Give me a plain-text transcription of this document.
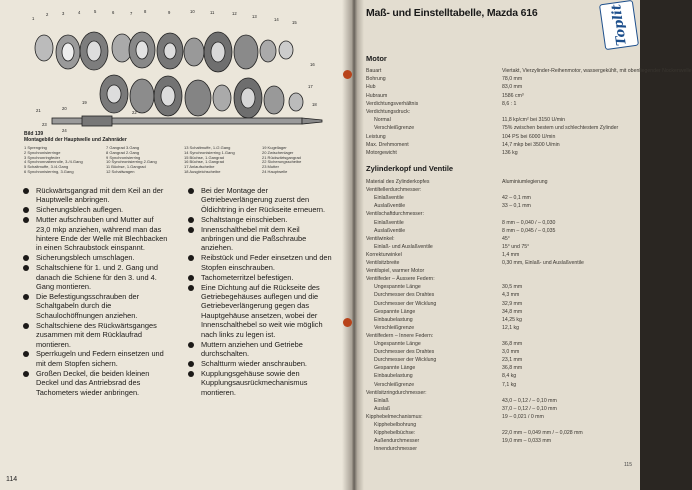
1
2	3	4	5	6	7	8	9	10	11	12
13
14
15
16
17
18
19
20
21	22
23
24
Bild 139
Montagebild der Hauptwelle und Zahnräder
1 Sprengring
2 Synchronisierringe
3 Synchronringfeder
4 Synchronnabenrolle, 3./4.Gang
5 Schaltmuffe, 3./4.Gang
6 Synchronisierring, 3.Gang
7 Gangrad 3.Gang
8 Gangrad 2.Gang
9 Synchronisierring
10 Synchronisierring 2.Gang
11 Büchse, 1.Gangrad
12 Schaltwagen
13 Schaltmuffe, 1./2.Gang
14 Synchronisierring 1.Gang
15 Büchse, 1.Gangrad
16 Büchse, 1.Gangrad
17 Anlaufscheibe
18 Ausgleichscheibe
19 Kugellager
20 Zwischenlager
21 Rückwärtsgangrad
22 Sicherungsscheibe
23 Mutter
24 Hauptwelle
Rückwärtsgangrad mit dem Keil an der Hauptwelle anbringen.
Sicherungsblech auflegen.
Mutter aufschrauben und Mutter auf 23,0 mkp anziehen, während man das hintere Ende der Welle mit Blechbacken in einen Schraubstock einspannt.
Sicherungsblech umschlagen.
Schaltschiene für 1. und 2. Gang und danach die Schiene für den 3. und 4. Gang montieren.
Die Befestigungsschrauben der Schaltgabeln durch die Schaulochöffnungen anziehen.
Schaltschiene des Rückwärtsganges zusammen mit dem Rücklaufrad montieren.
Sperrkugeln und Federn einsetzen und mit dem Stopfen sichern.
Großen Deckel, die beiden kleinen Deckel und das Antriebsrad des Tachometers wieder anbringen.
Bei der Montage der Getriebeverlängerung zuerst den Öldichtring in der Rückseite erneuern.
Schaltstange einschieben.
Innenschalthebel mit dem Keil anbringen und die Paßschraube anziehen.
Reibstück und Feder einsetzen und den Stopfen einschrauben.
Tachometerritzel befestigen.
Eine Dichtung auf die Rückseite des Getriebegehäuses auflegen und die Getriebeverlängerung gegen das Hauptgehäuse ansetzen, wobei der Innenschalthebel so weit wie möglich nach links zu legen ist.
Muttern anziehen und Getriebe durchschalten.
Schaltturm wieder anschrauben.
Kupplungsgehäuse sowie den Kupplungsausrückmechanismus montieren.
114
Maß- und Einstelltabelle, Mazda 616	Toplit
Motor
Bauart	Viertakt, Vierzylinder-Reihenmotor, wassergekühlt, mit obenliegender Nockenwelle
Bohrung	78,0 mm
Hub	83,0 mm
Hubraum	1586 cm³
Verdichtungsverhältnis	8,6 : 1
Verdichtungsdruck:
Normal	11,8 kp/cm² bei 3150 U/min
Verschleißgrenze	75% zwischen bestem und schlechtestem Zylinder
Leistung	104 PS bei 6000 U/min
Max. Drehmoment	14,7 mkp bei 3500 U/min
Motorgewicht	136 kg
Zylinderkopf und Ventile
Material des Zylinderkopfes	Aluminiumlegierung
Ventiltellerdurchmesser:
Einlaßventile	42 – 0,1 mm
Auslaßventile	33 – 0,1 mm
Ventilschaftdurchmesser:
Einlaßventile	8 mm – 0,040 / – 0,030
Auslaßventile	8 mm – 0,045 / – 0,035
Ventilwinkel:	45°
Einlaß- und Auslaßventile	15° und 75°
Korrekturwinkel	1,4 mm
Ventilsitzbreite	0,30 mm, Einlaß- und Auslaßventile
Ventilspiel, warmer Motor
Ventilfeder – Äussere Federn:
Ungespannte Länge	30,5 mm
Durchmesser des Drahtes	4,3 mm
Durchmesser der Wicklung	32,9 mm
Gespannte Länge	34,8 mm
Einbaubelastung	14,25 kg
Verschleißgrenze	12,1 kg
Ventilfedern – Innere Federn:
Ungespannte Länge	36,8 mm
Durchmesser des Drahtes	3,0 mm
Durchmesser der Wicklung	23,1 mm
Gespannte Länge	36,8 mm
Einbaubelastung	8,4 kg
Verschleißgrenze	7,1 kg
Ventilsitzringdurchmesser:
Einlaß	43,0 – 0,12 / – 0,10 mm
Auslaß	37,0 – 0,12 / – 0,10 mm
Kipphebelmechanismus:	19 – 0,021 / 0 mm
Kipphebelbohrung
Kipphebelbüchse:	22,0 mm – 0,049 mm / – 0,028 mm
Außendurchmesser	19,0 mm – 0,033 mm
Innendurchmesser
115
